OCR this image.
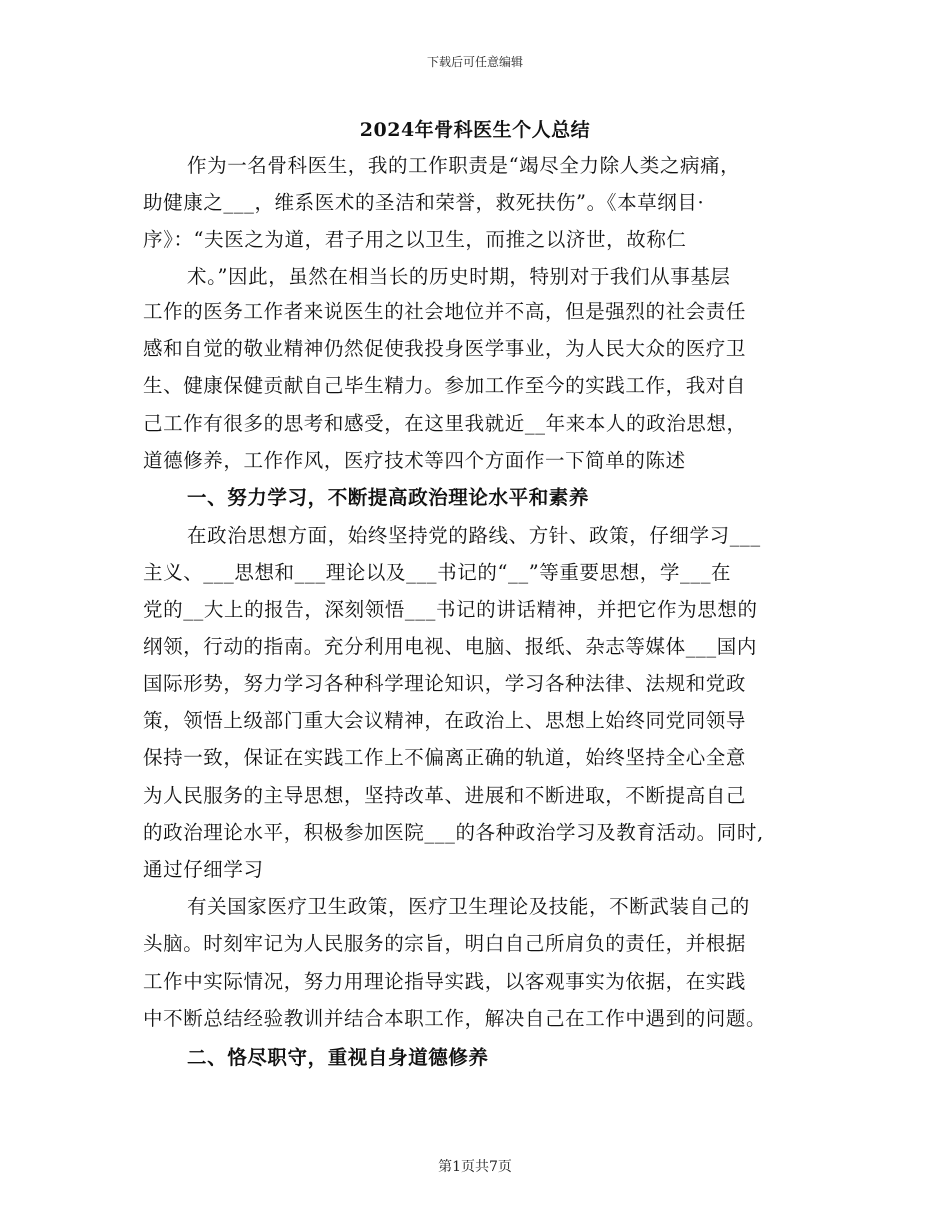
下载后可任意编辑
2024年骨科医生个人总结
作为一名骨科医生，我的工作职责是“竭尽全力除人类之病痛，
助健康之___，维系医术的圣洁和荣誉，救死扶伤”。《本草纲目·
序》：“夫医之为道，君子用之以卫生，而推之以济世，故称仁
术。”因此，虽然在相当长的历史时期，特别对于我们从事基层
工作的医务工作者来说医生的社会地位并不高，但是强烈的社会责任
感和自觉的敬业精神仍然促使我投身医学事业，为人民大众的医疗卫
生、健康保健贡献自己毕生精力。参加工作至今的实践工作，我对自
己工作有很多的思考和感受，在这里我就近__年来本人的政治思想，
道德修养，工作作风，医疗技术等四个方面作一下简单的陈述
一、努力学习，不断提高政治理论水平和素养
在政治思想方面，始终坚持党的路线、方针、政策，仔细学习___
主义、___思想和___理论以及___书记的“__”等重要思想，学___在
党的__大上的报告，深刻领悟___书记的讲话精神，并把它作为思想的
纲领，行动的指南。充分利用电视、电脑、报纸、杂志等媒体___国内
国际形势，努力学习各种科学理论知识，学习各种法律、法规和党政
策，领悟上级部门重大会议精神，在政治上、思想上始终同党同领导
保持一致，保证在实践工作上不偏离正确的轨道，始终坚持全心全意
为人民服务的主导思想，坚持改革、进展和不断进取，不断提高自己
的政治理论水平，积极参加医院___的各种政治学习及教育活动。同时,
通过仔细学习
有关国家医疗卫生政策，医疗卫生理论及技能，不断武装自己的
头脑。时刻牢记为人民服务的宗旨，明白自己所肩负的责任，并根据
工作中实际情况，努力用理论指导实践，以客观事实为依据，在实践
中不断总结经验教训并结合本职工作，解决自己在工作中遇到的问题。
二、恪尽职守，重视自身道德修养
第1页共7页
